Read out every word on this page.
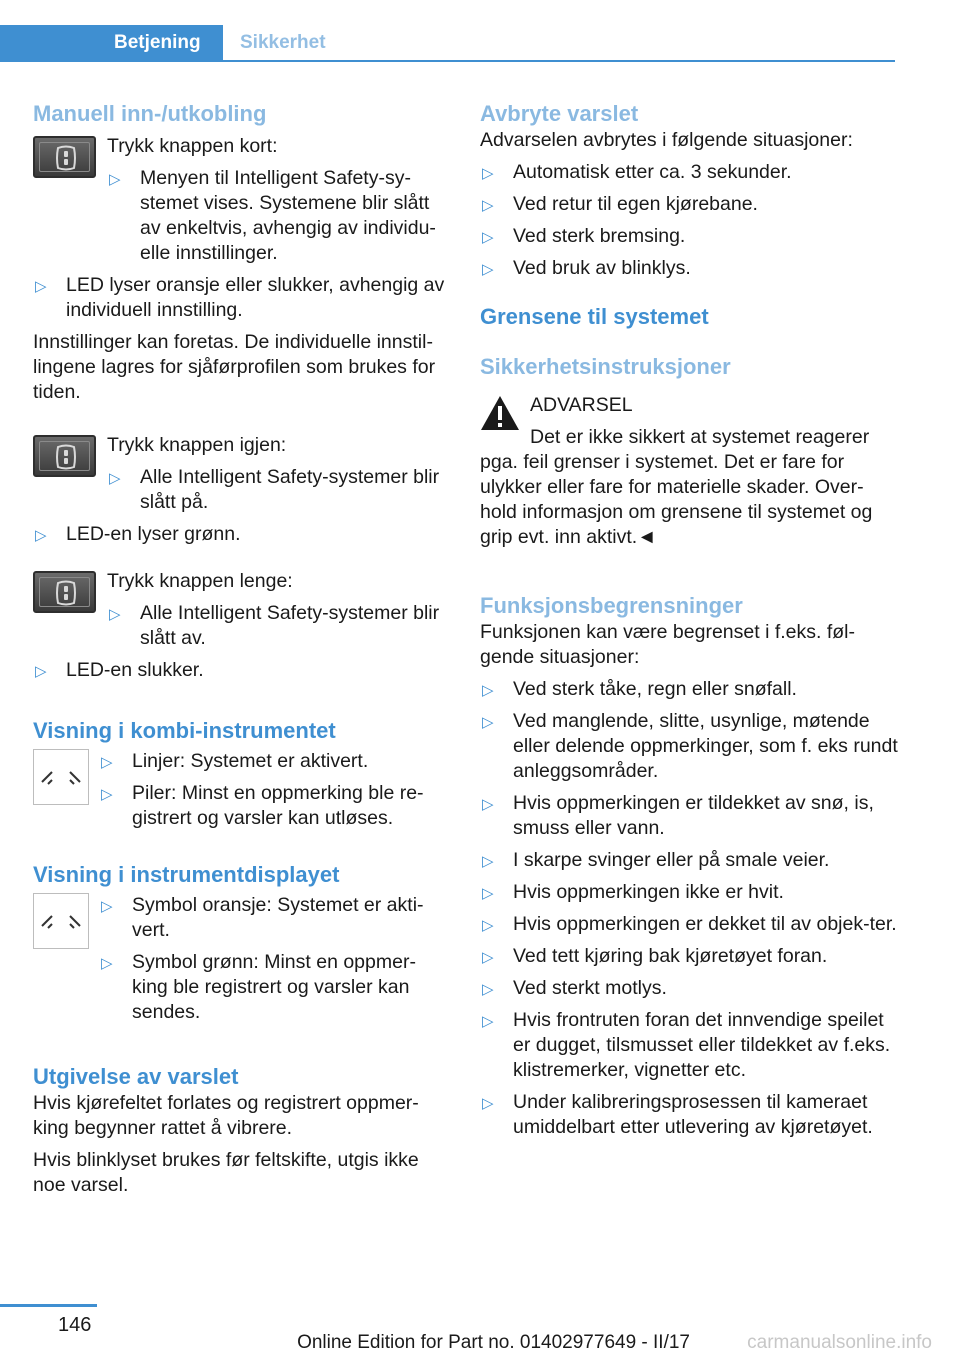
Betjening	Sikkerhet
Manuell inn-/utkobling

Trykk knappen kort:

▷ Menyen til Intelligent Safety-sy-stemet vises. Systemene blir slått av enkeltvis, avhengig av individu-elle innstillinger.
▷ LED lyser oransje eller slukker, avhengig av individuell innstilling.

Innstillinger kan foretas. De individuelle innstil-lingene lagres for sjåførprofilen som brukes for tiden.

Trykk knappen igjen:

▷ Alle Intelligent Safety-systemer blir slått på.
▷ LED-en lyser grønn.

Trykk knappen lenge:

▷ Alle Intelligent Safety-systemer blir slått av.
▷ LED-en slukker.
Visning i kombi-instrumentet
▷ Linjer: Systemet er aktivert.
▷ Piler: Minst en oppmerking ble re-gistrert og varsler kan utløses.
Visning i instrumentdisplayet
▷ Symbol oransje: Systemet er akti-vert.
▷ Symbol grønn: Minst en oppmer-king ble registrert og varsler kan sendes.
Utgivelse av varslet

Hvis kjørefeltet forlates og registrert oppmer-king begynner rattet å vibrere.

Hvis blinklyset brukes før feltskifte, utgis ikke noe varsel.

Avbryte varslet

Advarselen avbrytes i følgende situasjoner:

▷ Automatisk etter ca. 3 sekunder.
▷ Ved retur til egen kjørebane.
▷ Ved sterk bremsing.
▷ Ved bruk av blinklys.
Grensene til systemet
Sikkerhetsinstruksjoner
ADVARSEL
Det er ikke sikkert at systemet reagerer
pga. feil grenser i systemet. Det er fare for ulykker eller fare for materielle skader. Over-hold informasjon om grensene til systemet og grip evt. inn aktivt.◄
Funksjonsbegrensninger

Funksjonen kan være begrenset i f.eks. føl-gende situasjoner:

▷ Ved sterk tåke, regn eller snøfall.
▷ Ved manglende, slitte, usynlige, møtende eller delende oppmerkinger, som f. eks rundt anleggsområder.
▷ Hvis oppmerkingen er tildekket av snø, is, smuss eller vann.
▷ I skarpe svinger eller på smale veier.
▷ Hvis oppmerkingen ikke er hvit.
▷ Hvis oppmerkingen er dekket til av objek-ter.
▷ Ved tett kjøring bak kjøretøyet foran.
▷ Ved sterkt motlys.
▷ Hvis frontruten foran det innvendige speilet er dugget, tilsmusset eller tildekket av f.eks. klistremerker, vignetter etc.
▷ Under kalibreringsprosessen til kameraet umiddelbart etter utlevering av kjøretøyet.
146
Online Edition for Part no. 01402977649 - II/17	carmanualsonline.info
